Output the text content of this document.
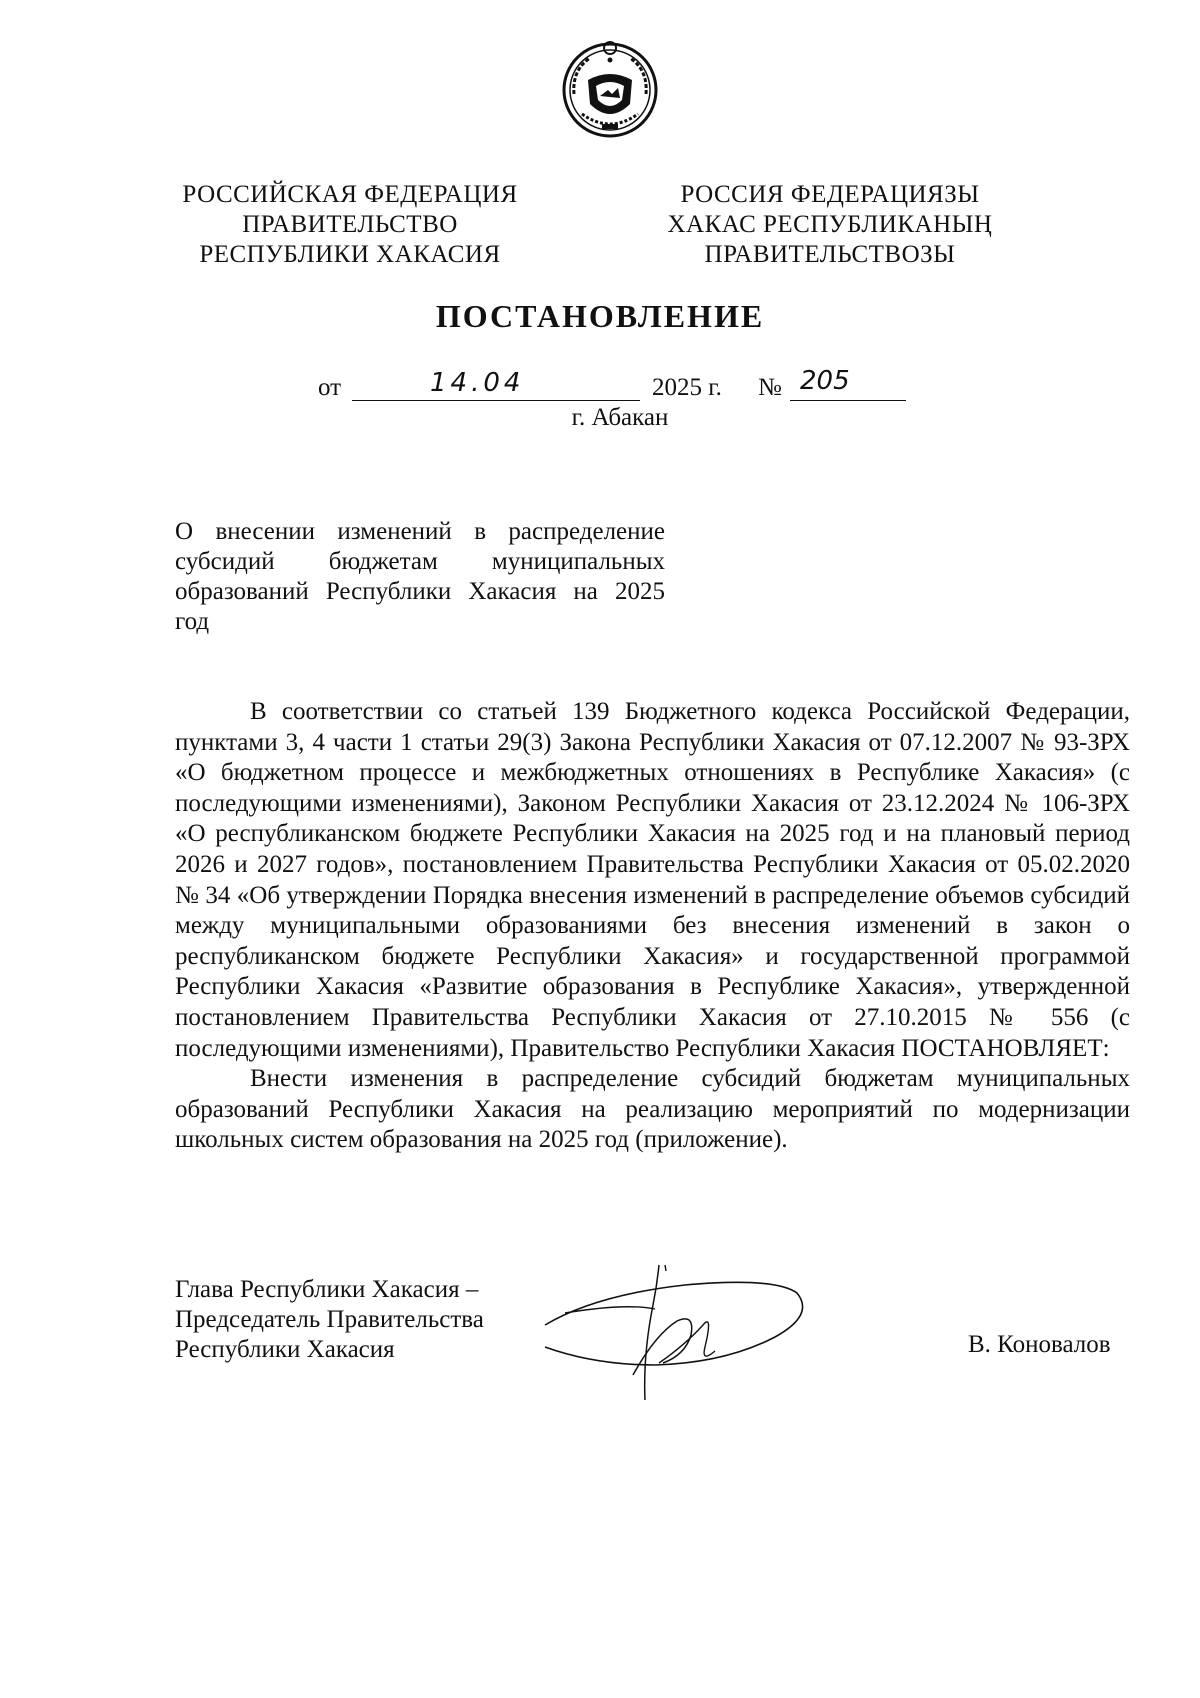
РОССИЙСКАЯ ФЕДЕРАЦИЯ
ПРАВИТЕЛЬСТВО
РЕСПУБЛИКИ ХАКАСИЯ
РОССИЯ ФЕДЕРАЦИЯЗЫ
ХАКАС РЕСПУБЛИКАНЫҢ
ПРАВИТЕЛЬСТВОЗЫ
ПОСТАНОВЛЕНИЕ
от	14.04	2025 г. № 205
г. Абакан
О внесении изменений в распределение
субсидий бюджетам муниципальных
образований Республики Хакасия на 2025
год

В соответствии со статьей 139 Бюджетного кодекса Российской Федерации, пунктами 3, 4 части 1 статьи 29(3) Закона Республики Хакасия от 07.12.2007 № 93-ЗРХ «О бюджетном процессе и межбюджетных отношениях в Республике Хакасия» (с последующими изменениями), Законом Республики Хакасия от 23.12.2024 № 106-ЗРХ «О республиканском бюджете Республики Хакасия на 2025 год и на плановый период 2026 и 2027 годов», постановлением Правительства Республики Хакасия от 05.02.2020 № 34 «Об утверждении Порядка внесения изменений в распределение объемов субсидий между муниципальными образованиями без внесения изменений в закон о республиканском бюджете Республики Хакасия» и государственной программой Республики Хакасия «Развитие образования в Республике Хакасия», утвержденной постановлением Правительства Республики Хакасия от 27.10.2015 № 556 (с последующими изменениями), Правительство Республики Хакасия ПОСТАНОВЛЯЕТ:

Внести изменения в распределение субсидий бюджетам муниципальных образований Республики Хакасия на реализацию мероприятий по модернизации школьных систем образования на 2025 год (приложение).

Глава Республики Хакасия –
Председатель Правительства
Республики Хакасия	В. Коновалов
